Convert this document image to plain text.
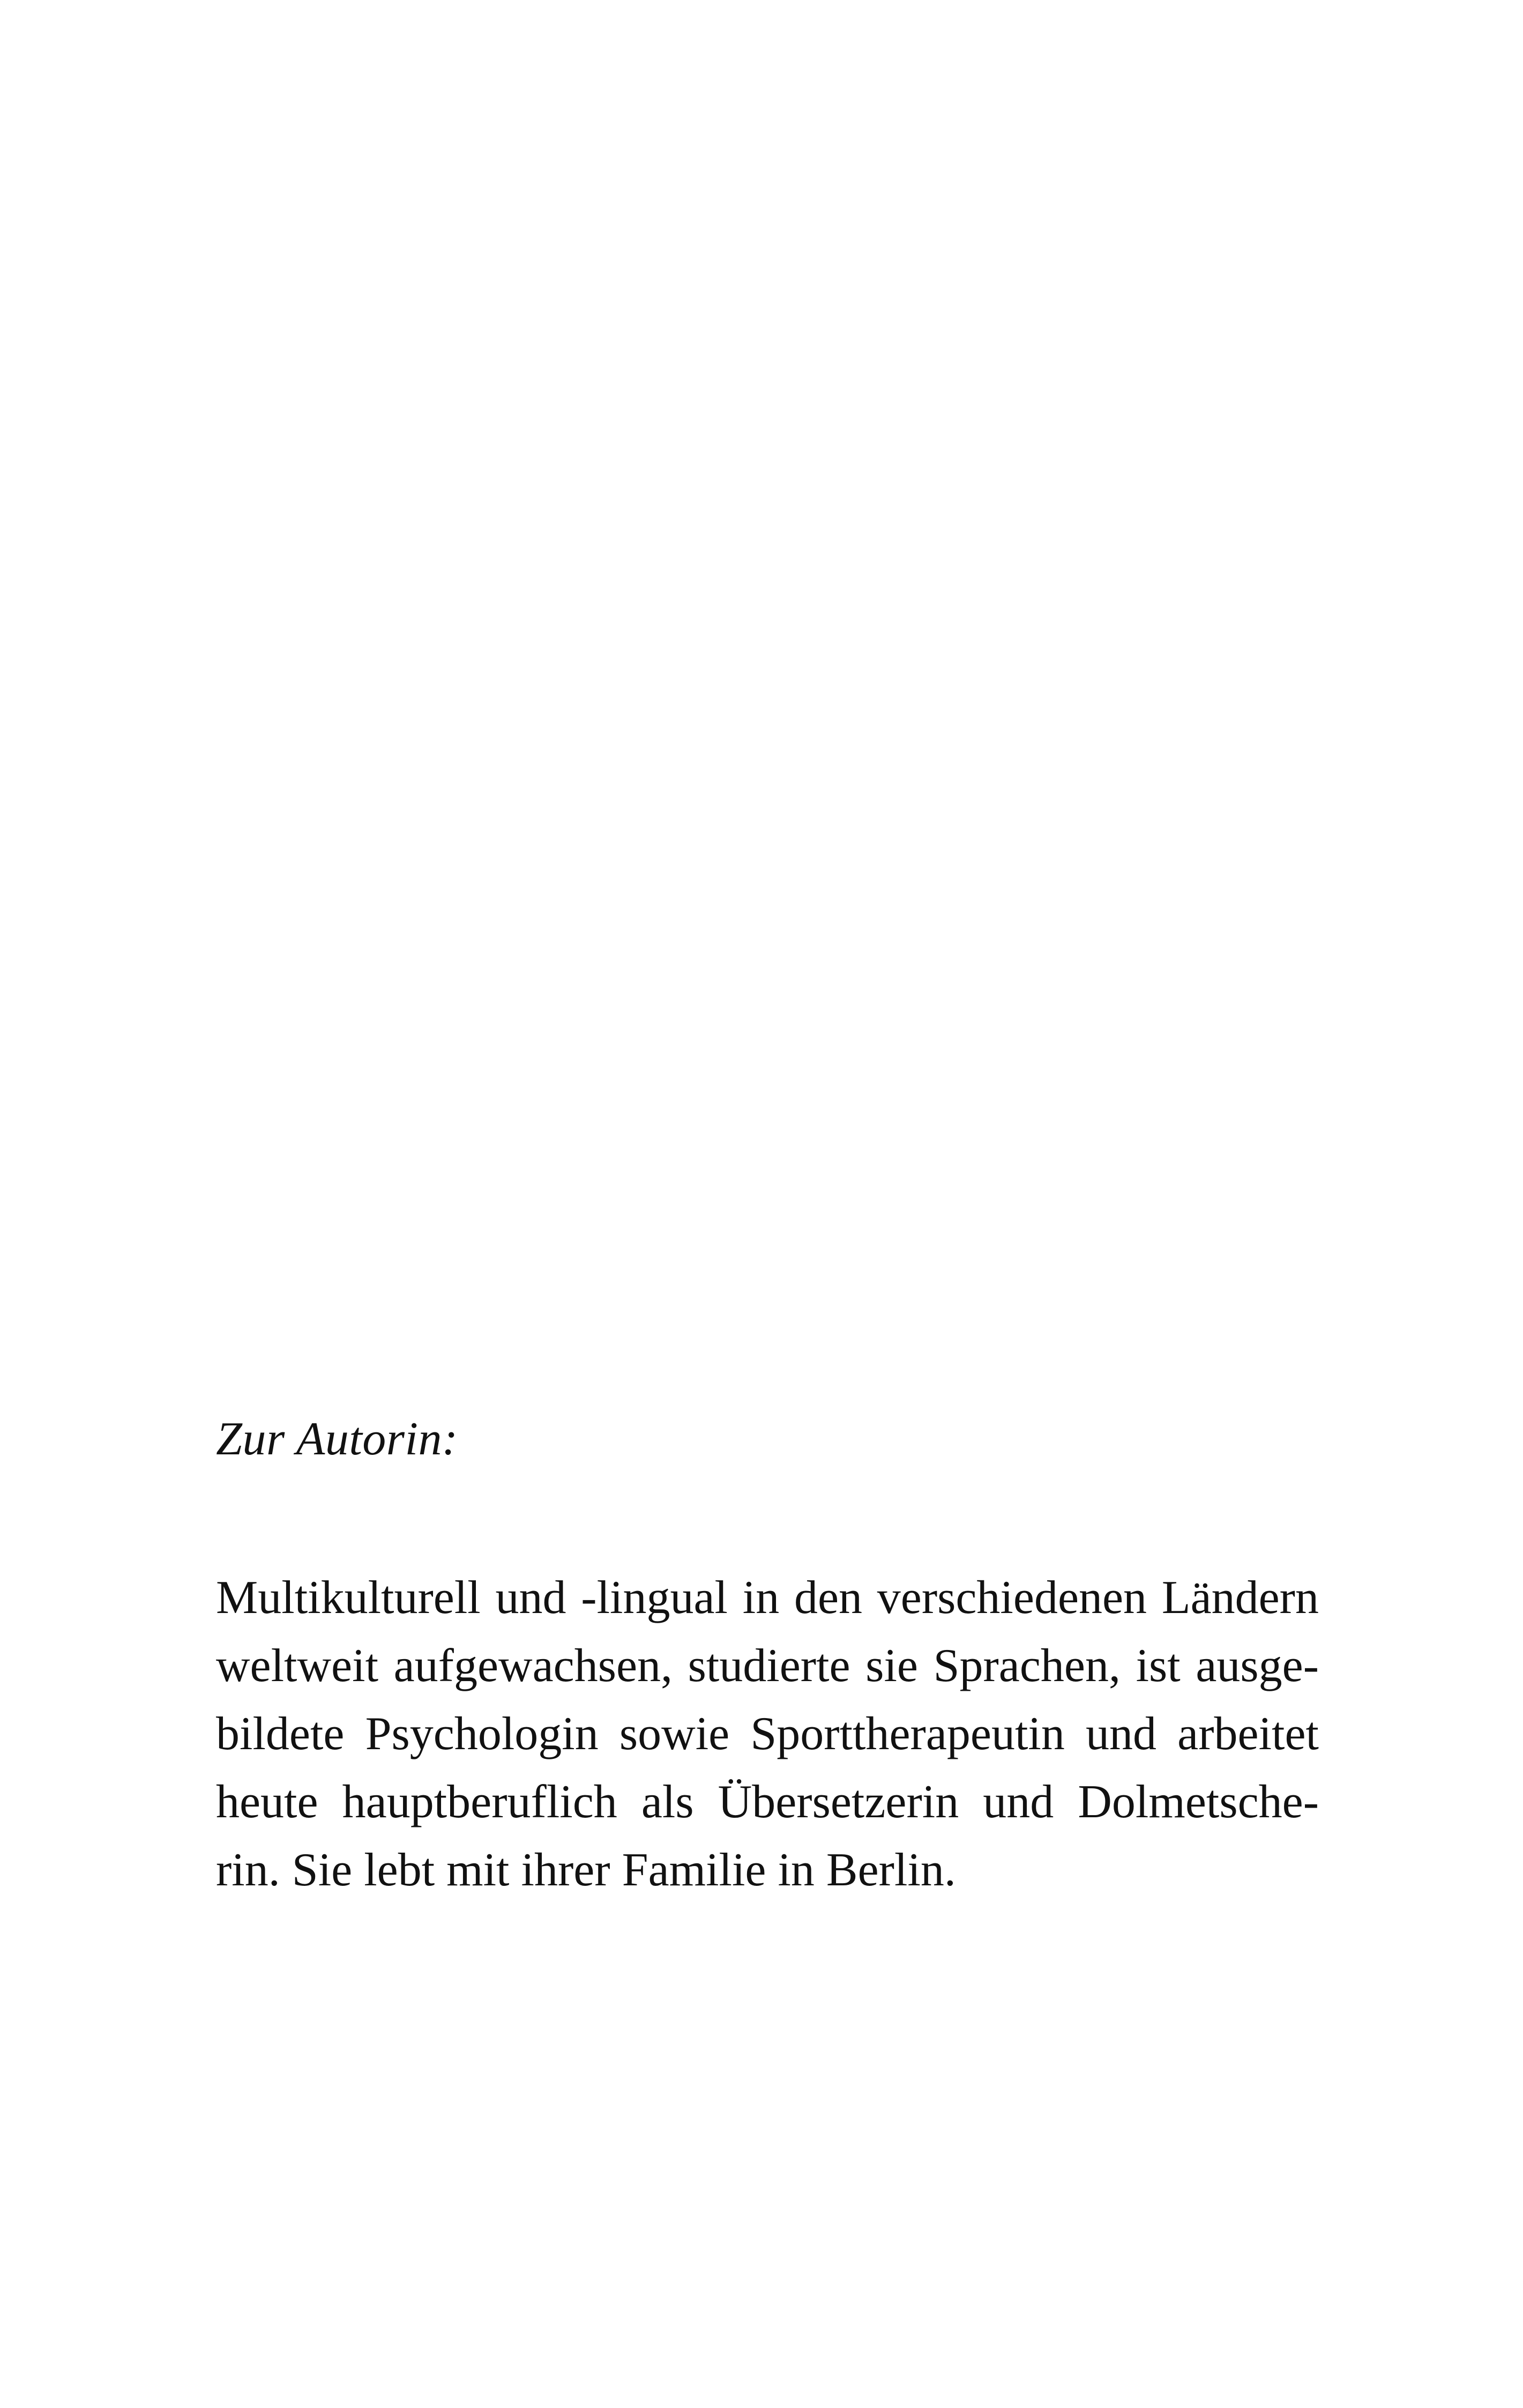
Zur Autorin:
Multikulturell und -lingual in den verschiedenen Ländern
weltweit aufgewachsen, studierte sie Sprachen, ist ausge-
bildete Psychologin sowie Sporttherapeutin und arbeitet
heute hauptberuflich als Übersetzerin und Dolmetsche-
rin. Sie lebt mit ihrer Familie in Berlin.
